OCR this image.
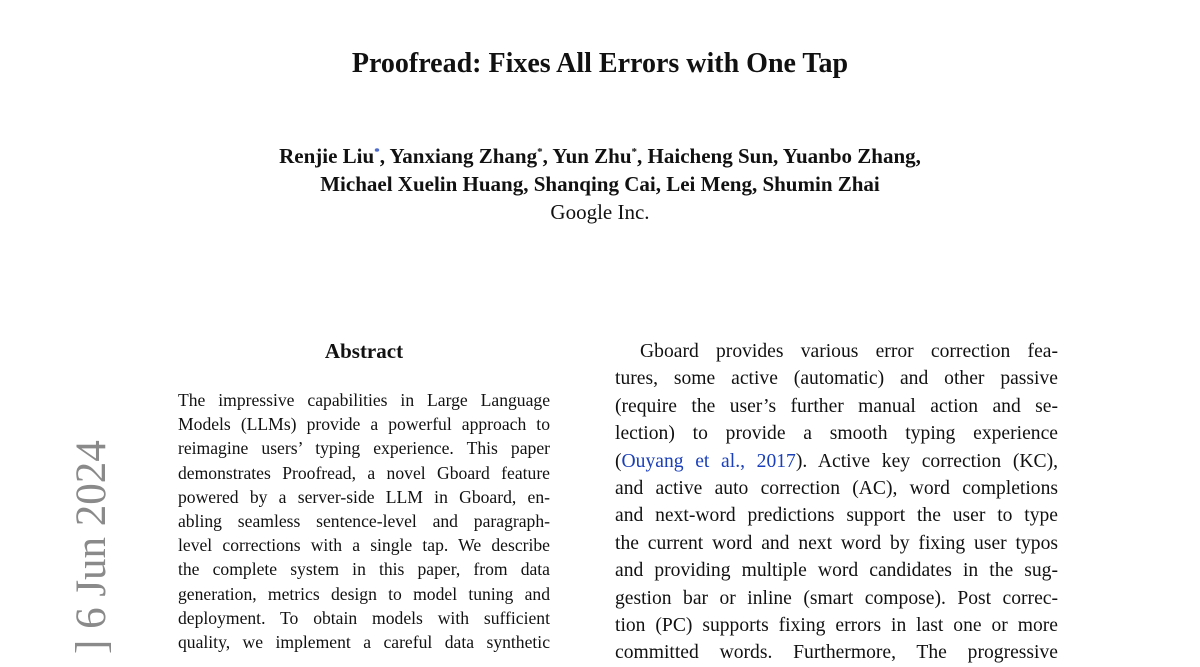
Proofread: Fixes All Errors with One Tap
Renjie Liu*, Yanxiang Zhang*, Yun Zhu*, Haicheng Sun, Yuanbo Zhang,
Michael Xuelin Huang, Shanqing Cai, Lei Meng, Shumin Zhai
Google Inc.
Abstract
The impressive capabilities in Large Language
Models (LLMs) provide a powerful approach to
reimagine users’ typing experience. This paper
demonstrates Proofread, a novel Gboard feature
powered by a server-side LLM in Gboard, en-
abling seamless sentence-level and paragraph-
level corrections with a single tap. We describe
the complete system in this paper, from data
generation, metrics design to model tuning and
deployment. To obtain models with sufficient
quality, we implement a careful data synthetic
Gboard provides various error correction fea-
tures, some active (automatic) and other passive
(require the user’s further manual action and se-
lection) to provide a smooth typing experience
(Ouyang et al., 2017). Active key correction (KC),
and active auto correction (AC), word completions
and next-word predictions support the user to type
the current word and next word by fixing user typos
and providing multiple word candidates in the sug-
gestion bar or inline (smart compose). Post correc-
tion (PC) supports fixing errors in last one or more
committed words. Furthermore, The progressive
] 6 Jun 2024
